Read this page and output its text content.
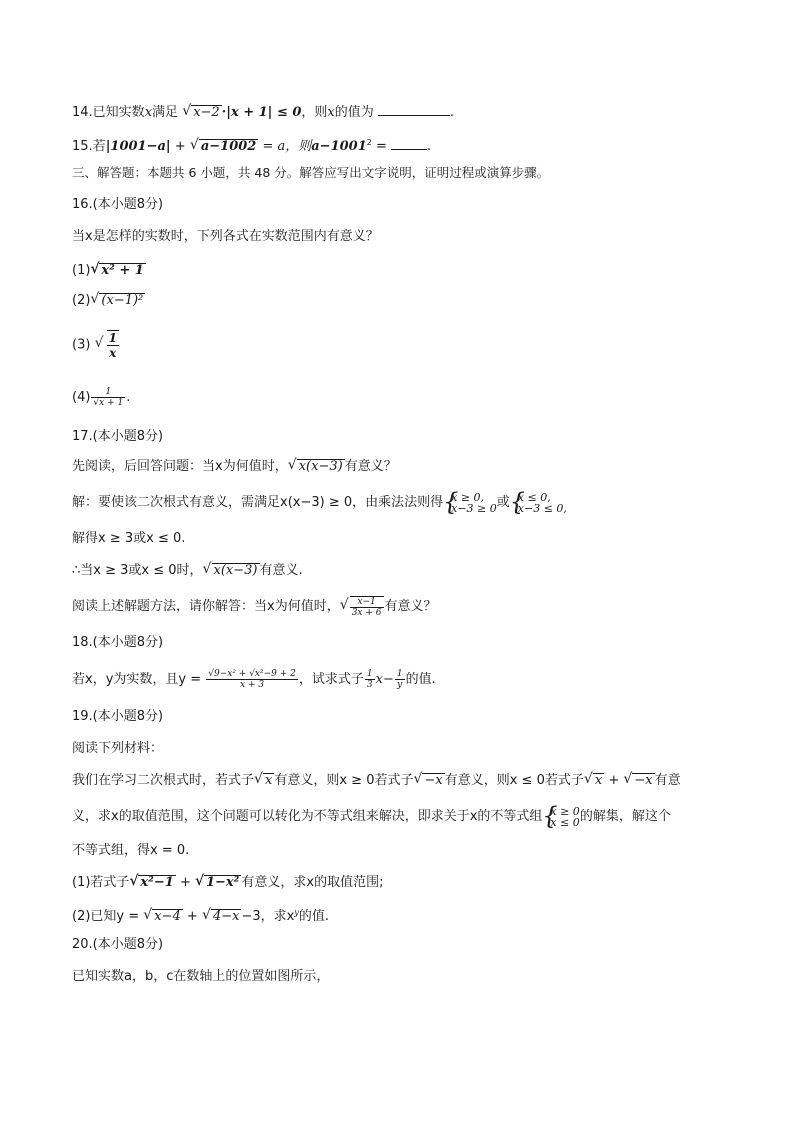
14.已知实数x满足 √ x−2 ·|x + 1| ≤ 0，则x的值为	.
15.若|1001−a| + √ a−1002 = a，则$a-1001^2$ =	.
三、解答题：本题共 6 小题，共 48 分。解答应写出文字说明，证明过程或演算步骤。
16.(本小题8分)
当x是怎样的实数时，下列各式在实数范围内有意义？
(1) √ x² + 1
(2) √ (x−1)²
(3) √ $\frac{1}{x}$
$(4) \frac{1}{√x + 1}$ .
17.(本小题8分)
先阅读，后回答问题：当x为何值时， √ x(x−3) 有意义？
解：要使该二次根式有意义，需满足x(x−3) ≥ 0，由乘法法则得 { x ≥ 0,
x−3 ≥ 0 或 { x ≤ 0,
x−3 ≤ 0,
解得x ≥ 3或x ≤ 0.
∴当x ≥ 3或x ≤ 0时， √ x(x−3) 有意义.
阅读上述解题方法，请你解答：当x为何值时， √ $\frac{x-1}{3x + 6}$ 有意义？
18.(本小题8分)
若x，y为实数，且$y = \frac{\text{√9−x² + √x²−9 + 2}}{x + 3}$ ，试求式子 $\frac{1}{3} x- \frac{1}{y}$ 的值.
19.(本小题8分)
阅读下列材料：
我们在学习二次根式时，若式子 √ x 有意义，则x ≥ 0若式子 √ −x 有意义，则x ≤ 0若式子 √ x + √ −x 有意
义，求x的取值范围，这个问题可以转化为不等式组来解决，即求关于x的不等式组 { x ≥ 0
x ≤ 0 的解集，解这个
不等式组，得x = 0.
(1)若式子 √ x²−1 + √ 1−x² 有意义，求x的取值范围;
(2)已知y = √ x−4 + √ 4−x −3，求$x^y$的值.
20.(本小题8分)
已知实数a，b，c在数轴上的位置如图所示，
